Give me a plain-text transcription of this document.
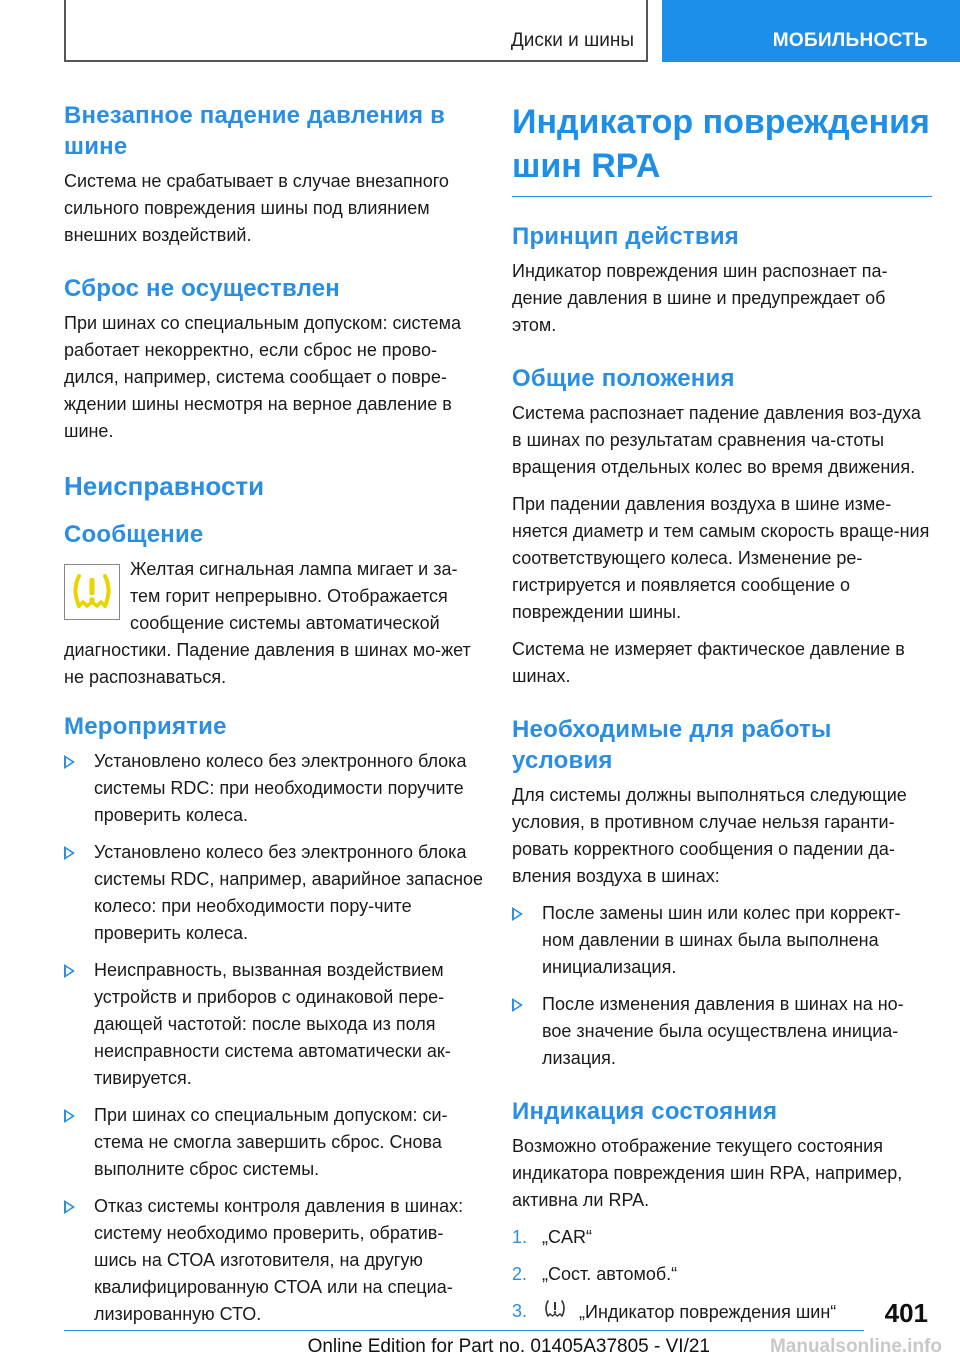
Диски и шины	МОБИЛЬНОСТЬ
Внезапное падение давления в шине

Система не срабатывает в случае внезапного сильного повреждения шины под влиянием внешних воздействий.

Сброс не осуществлен

При шинах со специальным допуском: система работает некорректно, если сброс не прово-дился, например, система сообщает о повре-ждении шины несмотря на верное давление в шине.

Неисправности
Сообщение

Желтая сигнальная лампа мигает и за-тем горит непрерывно. Отображается сообщение системы автоматической диагностики. Падение давления в шинах мо-жет не распознаваться.

Мероприятие
Установлено колесо без электронного блока системы RDC: при необходимости поручите проверить колеса.
Установлено колесо без электронного блока системы RDC, например, аварийное запасное колесо: при необходимости пору-чите проверить колеса.
Неисправность, вызванная воздействием устройств и приборов с одинаковой пере-дающей частотой: после выхода из поля неисправности система автоматически ак-тивируется.
При шинах со специальным допуском: си-стема не смогла завершить сброс. Снова выполните сброс системы.
Отказ системы контроля давления в шинах: систему необходимо проверить, обратив-шись на СТОА изготовителя, на другую квалифицированную СТОА или на специа-лизированную СТО.
Индикатор повреждения шин RPA
Принцип действия

Индикатор повреждения шин распознает па-дение давления в шине и предупреждает об этом.

Общие положения

Система распознает падение давления воз-духа в шинах по результатам сравнения ча-стоты вращения отдельных колес во время движения.

При падении давления воздуха в шине изме-няется диаметр и тем самым скорость враще-ния соответствующего колеса. Изменение ре-гистрируется и появляется сообщение о повреждении шины.

Система не измеряет фактическое давление в шинах.

Необходимые для работы условия

Для системы должны выполняться следующие условия, в противном случае нельзя гаранти-ровать корректного сообщения о падении да-вления воздуха в шинах:

После замены шин или колес при коррект-ном давлении в шинах была выполнена инициализация.
После изменения давления в шинах на но-вое значение была осуществлена инициа-лизация.
Индикация состояния

Возможно отображение текущего состояния индикатора повреждения шин RPA, например, активна ли RPA.

1. „CAR“
2. „Сост. автомоб.“
3.	„Индикатор повреждения шин“	401
Online Edition for Part no. 01405A37805 - VI/21	Manualsonline.info
